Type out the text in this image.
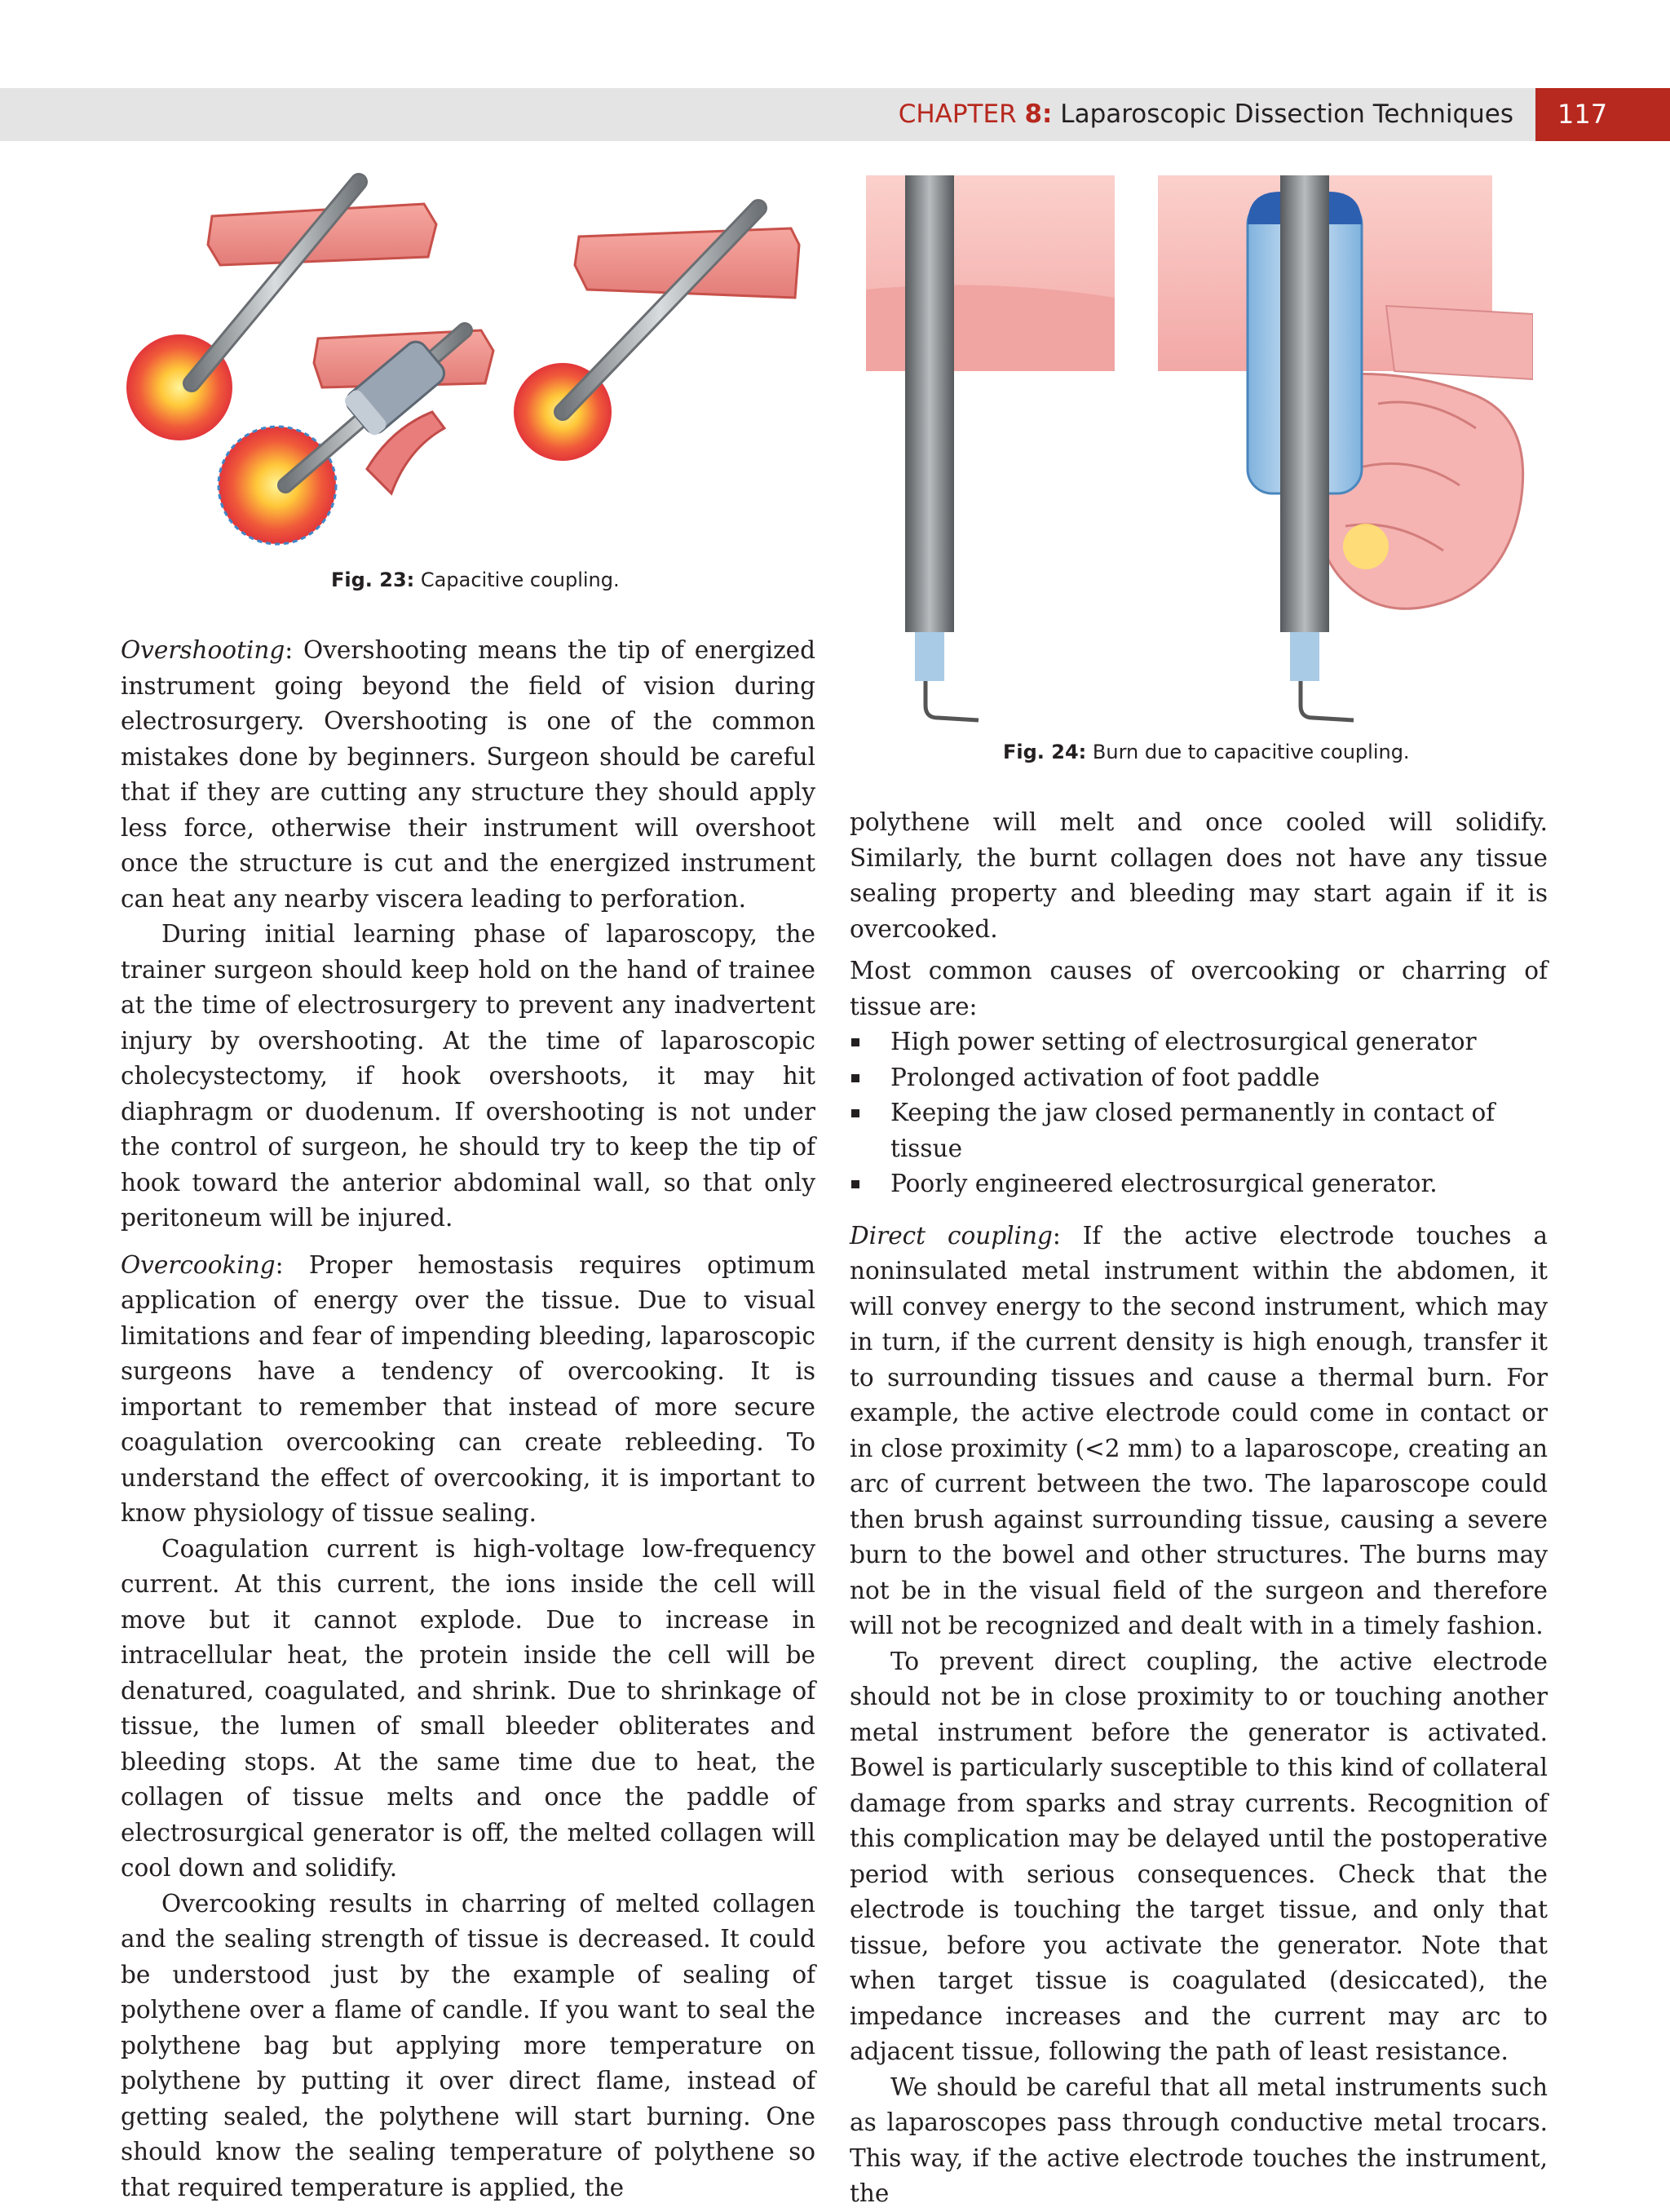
CHAPTER 8: Laparoscopic Dissection Techniques	117
Fig. 23: Capacitive coupling.
Fig. 24: Burn due to capacitive coupling.

Overshooting: Overshooting means the tip of energized instrument going beyond the field of vision during electrosurgery. Overshooting is one of the common mistakes done by beginners. Surgeon should be careful that if they are cutting any structure they should apply less force, otherwise their instrument will overshoot once the structure is cut and the energized instrument can heat any nearby viscera leading to perforation.

During initial learning phase of laparoscopy, the trainer surgeon should keep hold on the hand of trainee at the time of electrosurgery to prevent any inadvertent injury by overshooting. At the time of laparoscopic cholecystectomy, if hook overshoots, it may hit diaphragm or duodenum. If overshooting is not under the control of surgeon, he should try to keep the tip of hook toward the anterior abdominal wall, so that only peritoneum will be injured.

Overcooking: Proper hemostasis requires optimum application of energy over the tissue. Due to visual limitations and fear of impending bleeding, laparoscopic surgeons have a tendency of overcooking. It is important to remember that instead of more secure coagulation overcooking can create rebleeding. To understand the effect of overcooking, it is important to know physiology of tissue sealing.

Coagulation current is high-voltage low-frequency current. At this current, the ions inside the cell will move but it cannot explode. Due to increase in intracellular heat, the protein inside the cell will be denatured, coagulated, and shrink. Due to shrinkage of tissue, the lumen of small bleeder obliterates and bleeding stops. At the same time due to heat, the collagen of tissue melts and once the paddle of electrosurgical generator is off, the melted collagen will cool down and solidify.

Overcooking results in charring of melted collagen and the sealing strength of tissue is decreased. It could be understood just by the example of sealing of polythene over a flame of candle. If you want to seal the polythene bag but applying more temperature on polythene by putting it over direct flame, instead of getting sealed, the polythene will start burning. One should know the sealing temperature of polythene so that required temperature is applied, the

polythene will melt and once cooled will solidify. Similarly, the burnt collagen does not have any tissue sealing property and bleeding may start again if it is overcooked.

Most common causes of overcooking or charring of tissue are:

High power setting of electrosurgical generator
Prolonged activation of foot paddle
Keeping the jaw closed permanently in contact of tissue
Poorly engineered electrosurgical generator.

Direct coupling: If the active electrode touches a noninsulated metal instrument within the abdomen, it will convey energy to the second instrument, which may in turn, if the current density is high enough, transfer it to surrounding tissues and cause a thermal burn. For example, the active electrode could come in contact or in close proximity (<2 mm) to a laparoscope, creating an arc of current between the two. The laparoscope could then brush against surrounding tissue, causing a severe burn to the bowel and other structures. The burns may not be in the visual field of the surgeon and therefore will not be recognized and dealt with in a timely fashion.

To prevent direct coupling, the active electrode should not be in close proximity to or touching another metal instrument before the generator is activated. Bowel is particularly susceptible to this kind of collateral damage from sparks and stray currents. Recognition of this complication may be delayed until the postoperative period with serious consequences. Check that the electrode is touching the target tissue, and only that tissue, before you activate the generator. Note that when target tissue is coagulated (desiccated), the impedance increases and the current may arc to adjacent tissue, following the path of least resistance.

We should be careful that all metal instruments such as laparoscopes pass through conductive metal trocars. This way, if the active electrode touches the instrument, the
